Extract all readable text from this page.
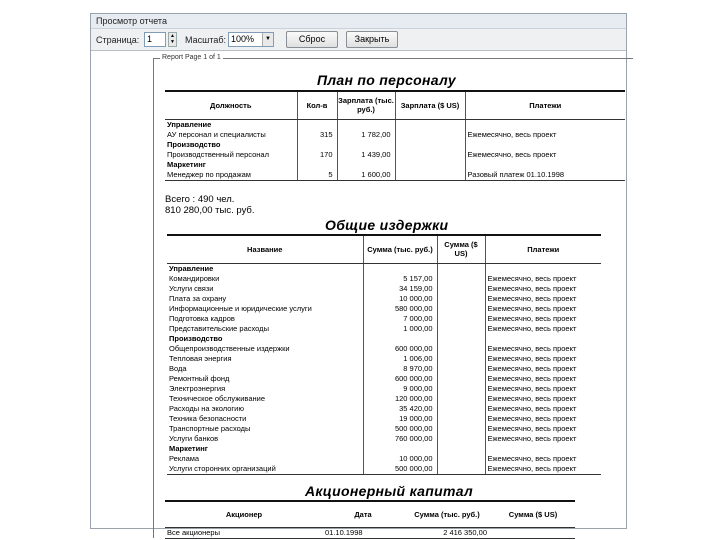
Просмотр отчета
Страница: 1	▲
▼ Масштаб: 100%	▼	Сброс	Закрыть
Report Page 1 of 1
План по персоналу
Должность	Кол-в	Зарплата (тыс. руб.)	Зарплата ($ US)	Платежи
Управление				
АУ персонал и специалисты	315	1 782,00		Ежемесячно, весь проект
Производство				
Производственный персонал	170	1 439,00		Ежемесячно, весь проект
Маркетинг				
Менеджер по продажам	5	1 600,00		Разовый платеж 01.10.1998
Всего : 490 чел.
810 280,00 тыс. руб.
Общие издержки
Название	Сумма (тыс. руб.)	Сумма ($ US)	Платежи
Управление			
Командировки	5 157,00		Ежемесячно, весь проект
Услуги связи	34 159,00		Ежемесячно, весь проект
Плата за охрану	10 000,00		Ежемесячно, весь проект
Информационные и юридические услуги	580 000,00		Ежемесячно, весь проект
Подготовка кадров	7 000,00		Ежемесячно, весь проект
Представительские расходы	1 000,00		Ежемесячно, весь проект
Производство			
Общепроизводственные издержки	600 000,00		Ежемесячно, весь проект
Тепловая энергия	1 006,00		Ежемесячно, весь проект
Вода	8 970,00		Ежемесячно, весь проект
Ремонтный фонд	600 000,00		Ежемесячно, весь проект
Электроэнергия	9 000,00		Ежемесячно, весь проект
Техническое обслуживание	120 000,00		Ежемесячно, весь проект
Расходы на экологию	35 420,00		Ежемесячно, весь проект
Техника безопасности	19 000,00		Ежемесячно, весь проект
Транспортные расходы	500 000,00		Ежемесячно, весь проект
Услуги банков	760 000,00		Ежемесячно, весь проект
Маркетинг			
Реклама	10 000,00		Ежемесячно, весь проект
Услуги сторонних организаций	500 000,00		Ежемесячно, весь проект
Акционерный капитал
Акционер	Дата	Сумма (тыс. руб.)	Сумма ($ US)
Все акционеры	01.10.1998	2 416 350,00	
